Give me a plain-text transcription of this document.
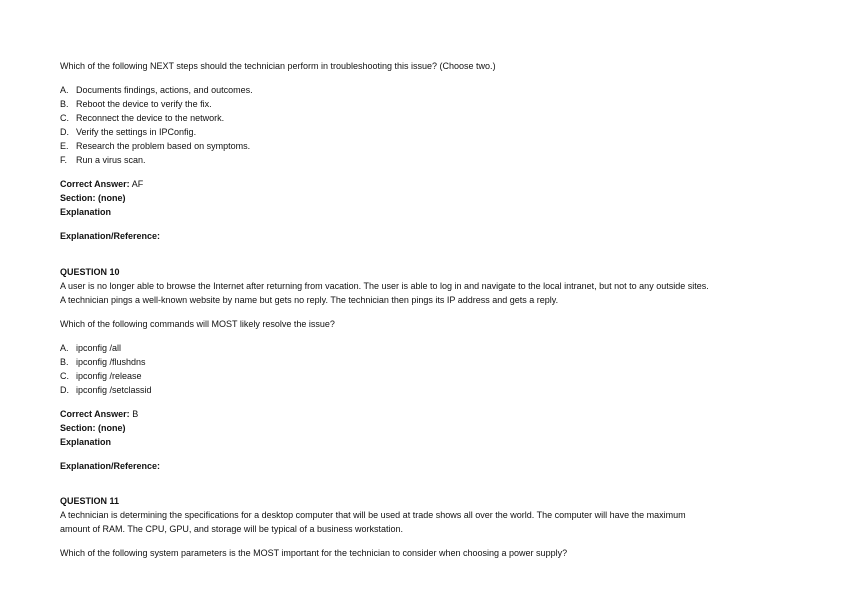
Which of the following NEXT steps should the technician perform in troubleshooting this issue? (Choose two.)

A. Documents findings, actions, and outcomes.
B. Reboot the device to verify the fix.
C. Reconnect the device to the network.
D. Verify the settings in IPConfig.
E. Research the problem based on symptoms.
F. Run a virus scan.

Correct Answer: AF

Section: (none)

Explanation

Explanation/Reference:

QUESTION 10

A user is no longer able to browse the Internet after returning from vacation. The user is able to log in and navigate to the local intranet, but not to any outside sites.

A technician pings a well-known website by name but gets no reply. The technician then pings its IP address and gets a reply.

Which of the following commands will MOST likely resolve the issue?

A. ipconfig /all
B. ipconfig /flushdns
C. ipconfig /release
D. ipconfig /setclassid

Correct Answer: B

Section: (none)

Explanation

Explanation/Reference:

QUESTION 11

A technician is determining the specifications for a desktop computer that will be used at trade shows all over the world. The computer will have the maximum

amount of RAM. The CPU, GPU, and storage will be typical of a business workstation.

Which of the following system parameters is the MOST important for the technician to consider when choosing a power supply?
